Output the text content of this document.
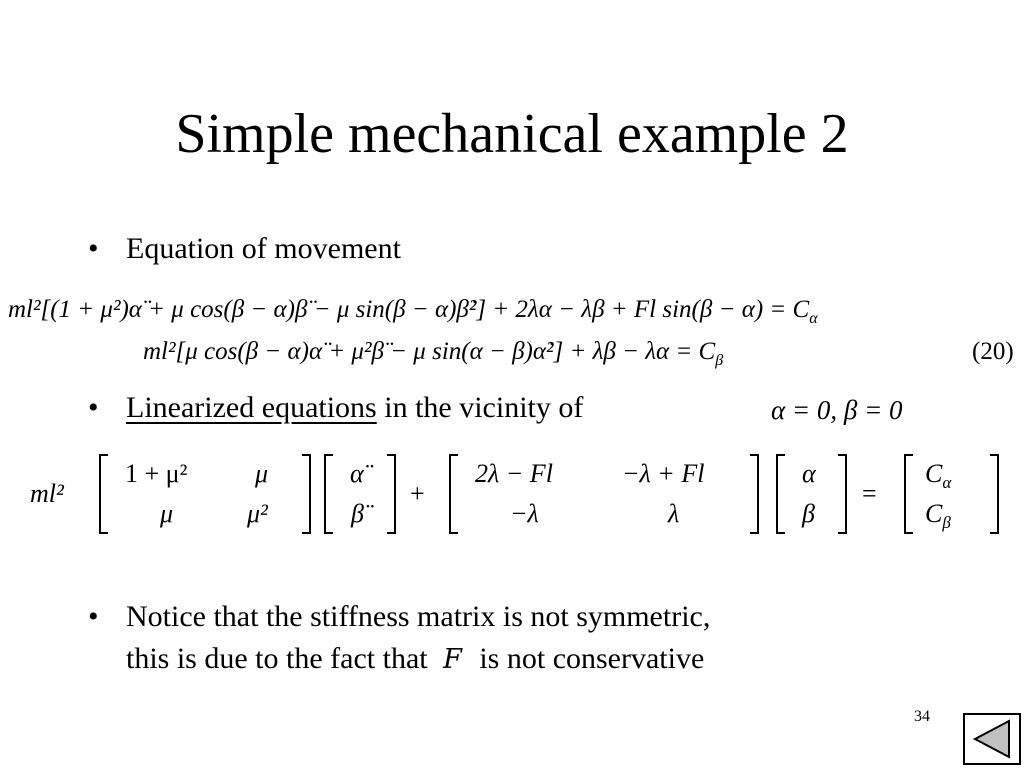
Simple mechanical example 2
• Equation of movement
ml²[(1 + μ²)α̈ + μ cos(β − α)β̈ − μ sin(β − α)β̇²] + 2λα − λβ + Fl $\sin(\beta - \alpha) = C_\alpha$
ml²[μ cos(β − α)α̈ + μ²β̈ − μ sin(α − β)α̇²] + $\lambda\beta - \lambda\alpha = C_\beta$	(20)
• Linearized equations in the vicinity of	α = 0, β = 0
ml²
1 + μ²	μ
μ	μ²
α̈
β̈
+
2λ − Fl	−λ + Fl
−λ	λ
α
β
=
$C_\alpha$
$C_\beta$
• Notice that the stiffness matrix is not symmetric,
this is due to the fact that F is not conservative
34
